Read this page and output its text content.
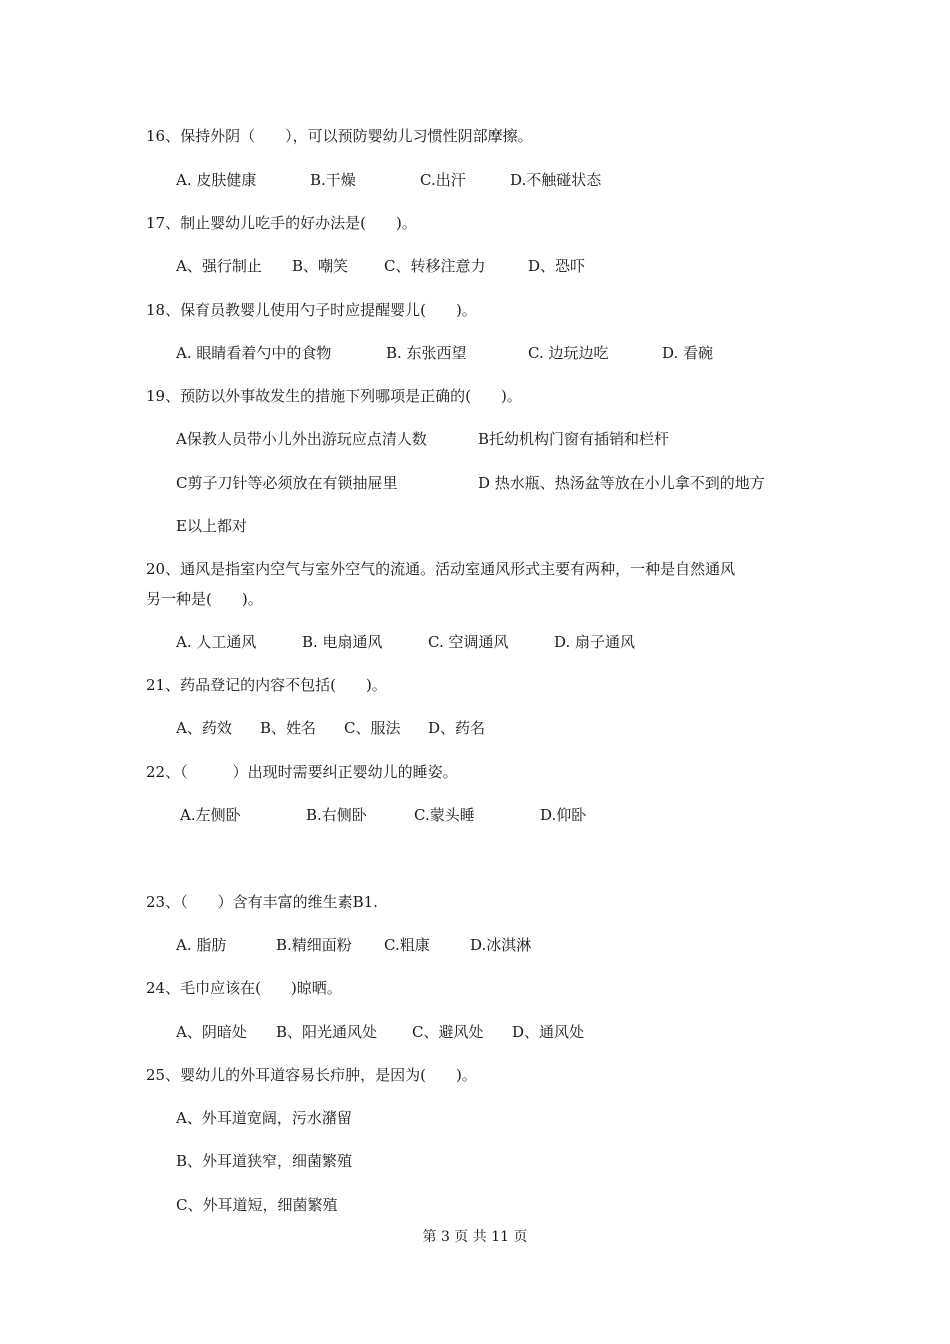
16、保持外阴（　　），可以预防婴幼儿习惯性阴部摩擦。
A. 皮肤健康	B.干燥	C.出汗	D.不触碰状态
17、制止婴幼儿吃手的好办法是(　　)。
A、强行制止 B、嘲笑 C、转移注意力	D、恐吓
18、保育员教婴儿使用勺子时应提醒婴儿(　　)。
A. 眼睛看着勺中的食物	B. 东张西望	C. 边玩边吃	D. 看碗
19、预防以外事故发生的措施下列哪项是正确的(　　)。
A保教人员带小儿外出游玩应点清人数	B托幼机构门窗有插销和栏杆
C剪子刀针等必须放在有锁抽屉里	D 热水瓶、热汤盆等放在小儿拿不到的地方
E以上都对
20、通风是指室内空气与室外空气的流通。活动室通风形式主要有两种，一种是自然通风
另一种是(　　)。
A. 人工通风	B. 电扇通风	C. 空调通风	D. 扇子通风
21、药品登记的内容不包括(　　)。
A、药效 B、姓名 C、服法 D、药名
22、（　　　）出现时需要纠正婴幼儿的睡姿。
A.左侧卧	B.右侧卧	C.蒙头睡	D.仰卧
23、（　　）含有丰富的维生素B1.
A. 脂肪	B.精细面粉 C.粗康	D.冰淇淋
24、毛巾应该在(　　)晾晒。
A、阴暗处 B、阳光通风处 C、避风处 D、通风处
25、婴幼儿的外耳道容易长疖肿，是因为(　　)。
A、外耳道宽阔，污水潴留
B、外耳道狭窄，细菌繁殖
C、外耳道短，细菌繁殖
第 3 页 共 11 页
